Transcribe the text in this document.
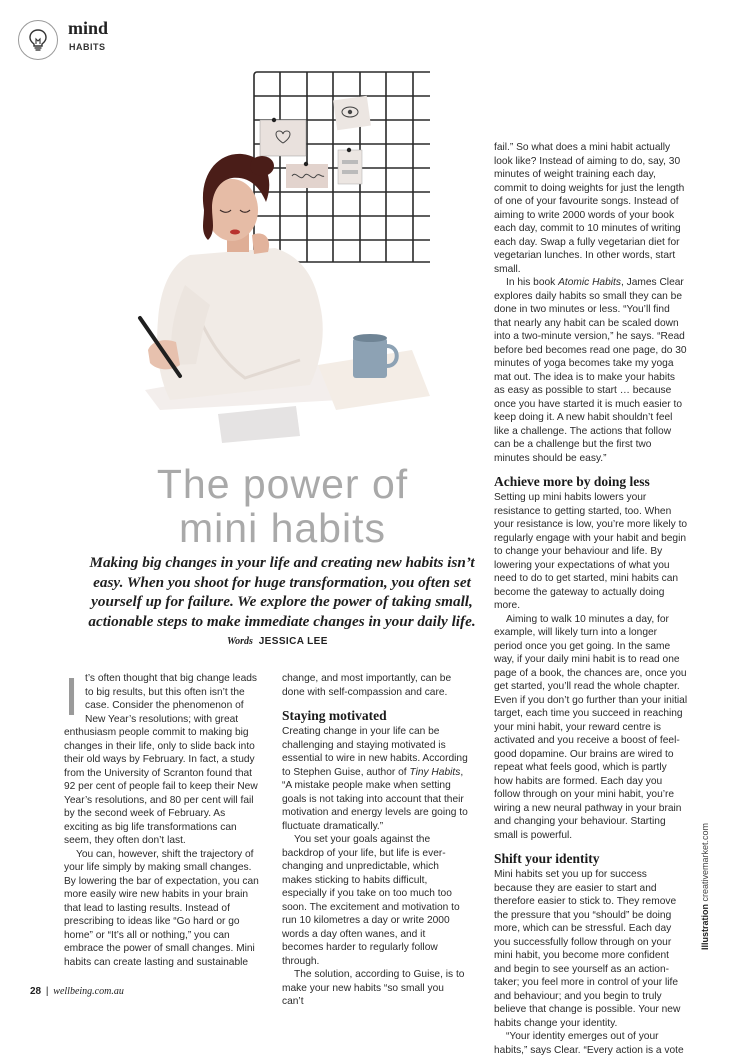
mind
HABITS
The power of
mini habits

Making big changes in your life and creating new habits isn’t easy. When you shoot for huge transformation, you often set yourself up for failure. We explore the power of taking small, actionable steps to make immediate changes in your daily life.

Words JESSICA LEE

It’s often thought that big change leads to big results, but this often isn’t the case. Consider the phenomenon of New Year’s resolutions; with great enthusiasm people commit to making big changes in their life, only to slide back into their old ways by February. In fact, a study from the University of Scranton found that 92 per cent of people fail to keep their New Year’s resolutions, and 80 per cent will fail by the second week of February. As exciting as big life transformations can seem, they often don’t last.

You can, however, shift the trajectory of your life simply by making small changes. By lowering the bar of expectation, you can more easily wire new habits in your brain that lead to lasting results. Instead of prescribing to ideas like “Go hard or go home” or “It’s all or nothing,” you can embrace the power of small changes. Mini habits can create lasting and sustainable

change, and most importantly, can be done with self-compassion and care.

Staying motivated

Creating change in your life can be challenging and staying motivated is essential to wire in new habits. According to Stephen Guise, author of Tiny Habits, “A mistake people make when setting goals is not taking into account that their motivation and energy levels are going to fluctuate dramatically.”

You set your goals against the backdrop of your life, but life is ever-changing and unpredictable, which makes sticking to habits difficult, especially if you take on too much too soon. The excitement and motivation to run 10 kilometres a day or write 2000 words a day often wanes, and it becomes harder to regularly follow through.

The solution, according to Guise, is to make your new habits “so small you can’t

fail.” So what does a mini habit actually look like? Instead of aiming to do, say, 30 minutes of weight training each day, commit to doing weights for just the length of one of your favourite songs. Instead of aiming to write 2000 words of your book each day, commit to 10 minutes of writing each day. Swap a fully vegetarian diet for vegetarian lunches. In other words, start small.

In his book Atomic Habits, James Clear explores daily habits so small they can be done in two minutes or less. “You’ll find that nearly any habit can be scaled down into a two-minute version,” he says. “Read before bed becomes read one page, do 30 minutes of yoga becomes take my yoga mat out. The idea is to make your habits as easy as possible to start … because once you have started it is much easier to keep doing it. A new habit shouldn’t feel like a challenge. The actions that follow can be a challenge but the first two minutes should be easy.”

Achieve more by doing less

Setting up mini habits lowers your resistance to getting started, too. When your resistance is low, you’re more likely to regularly engage with your habit and begin to change your behaviour and life. By lowering your expectations of what you need to do to get started, mini habits can become the gateway to actually doing more.

Aiming to walk 10 minutes a day, for example, will likely turn into a longer period once you get going. In the same way, if your daily mini habit is to read one page of a book, the chances are, once you get started, you’ll read the whole chapter. Even if you don’t go further than your initial target, each time you succeed in reaching your mini habit, your reward centre is activated and you receive a boost of feel-good dopamine. Our brains are wired to repeat what feels good, which is partly how habits are formed. Each day you follow through on your mini habit, you’re wiring a new neural pathway in your brain and changing your behaviour. Starting small is powerful.

Shift your identity

Mini habits set you up for success because they are easier to start and therefore easier to stick to. They remove the pressure that you “should” be doing more, which can be stressful. Each day you successfully follow through on your mini habit, you become more confident and begin to see yourself as an action-taker; you feel more in control of your life and behaviour; and you begin to truly believe that change is possible. Your new habits change your identity.

“Your identity emerges out of your habits,” says Clear. “Every action is a vote

Illustration creativemarket.com
28 | wellbeing.com.au
